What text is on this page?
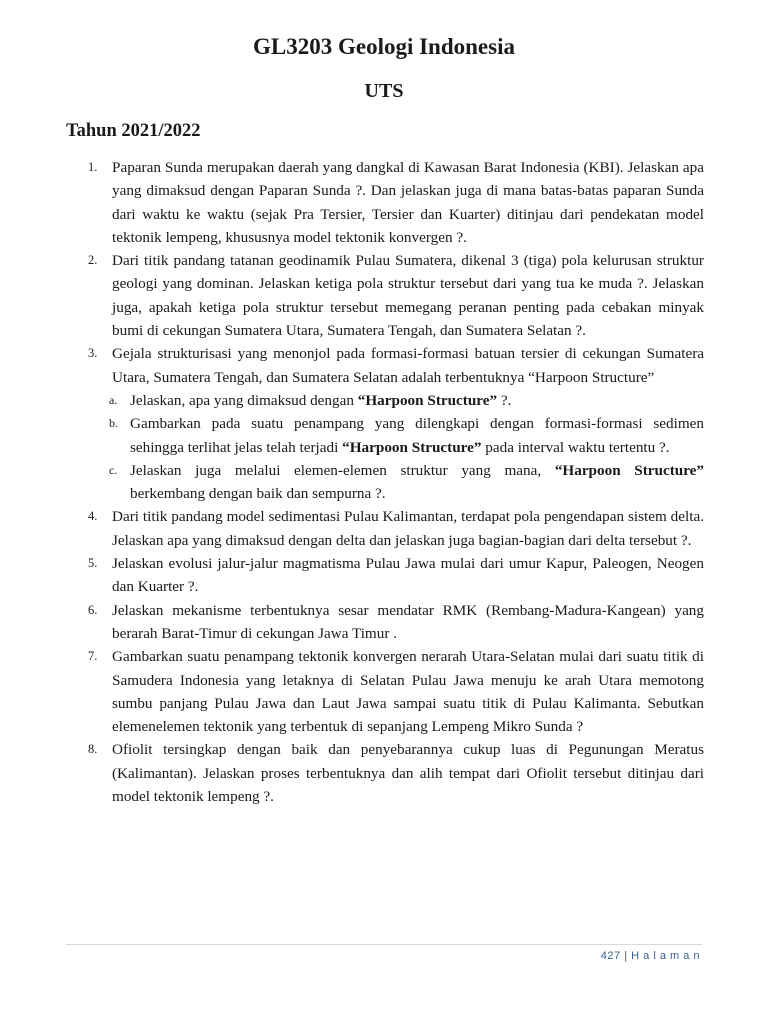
GL3203 Geologi Indonesia
UTS
Tahun 2021/2022
1. Paparan Sunda merupakan daerah yang dangkal di Kawasan Barat Indonesia (KBI). Jelaskan apa yang dimaksud dengan Paparan Sunda ?. Dan jelaskan juga di mana batas-batas paparan Sunda dari waktu ke waktu (sejak Pra Tersier, Tersier dan Kuarter) ditinjau dari pendekatan model tektonik lempeng, khususnya model tektonik konvergen ?.
2. Dari titik pandang tatanan geodinamik Pulau Sumatera, dikenal 3 (tiga) pola kelurusan struktur geologi yang dominan. Jelaskan ketiga pola struktur tersebut dari yang tua ke muda ?. Jelaskan juga, apakah ketiga pola struktur tersebut memegang peranan penting pada cebakan minyak bumi di cekungan Sumatera Utara, Sumatera Tengah, dan Sumatera Selatan ?.
3. Gejala strukturisasi yang menonjol pada formasi-formasi batuan tersier di cekungan Sumatera Utara, Sumatera Tengah, dan Sumatera Selatan adalah terbentuknya “Harpoon Structure”
a. Jelaskan, apa yang dimaksud dengan “Harpoon Structure” ?.
b. Gambarkan pada suatu penampang yang dilengkapi dengan formasi-formasi sedimen sehingga terlihat jelas telah terjadi “Harpoon Structure” pada interval waktu tertentu ?.
c. Jelaskan juga melalui elemen-elemen struktur yang mana, “Harpoon Structure” berkembang dengan baik dan sempurna ?.
4. Dari titik pandang model sedimentasi Pulau Kalimantan, terdapat pola pengendapan sistem delta. Jelaskan apa yang dimaksud dengan delta dan jelaskan juga bagian-bagian dari delta tersebut ?.
5. Jelaskan evolusi jalur-jalur magmatisma Pulau Jawa mulai dari umur Kapur, Paleogen, Neogen dan Kuarter ?.
6. Jelaskan mekanisme terbentuknya sesar mendatar RMK (Rembang-Madura-Kangean) yang berarah Barat-Timur di cekungan Jawa Timur .
7. Gambarkan suatu penampang tektonik konvergen nerarah Utara-Selatan mulai dari suatu titik di Samudera Indonesia yang letaknya di Selatan Pulau Jawa menuju ke arah Utara memotong sumbu panjang Pulau Jawa dan Laut Jawa sampai suatu titik di Pulau Kalimanta. Sebutkan elemenelemen tektonik yang terbentuk di sepanjang Lempeng Mikro Sunda ?
8. Ofiolit tersingkap dengan baik dan penyebarannya cukup luas di Pegunungan Meratus (Kalimantan). Jelaskan proses terbentuknya dan alih tempat dari Ofiolit tersebut ditinjau dari model tektonik lempeng ?.
427 | H a l a m a n
